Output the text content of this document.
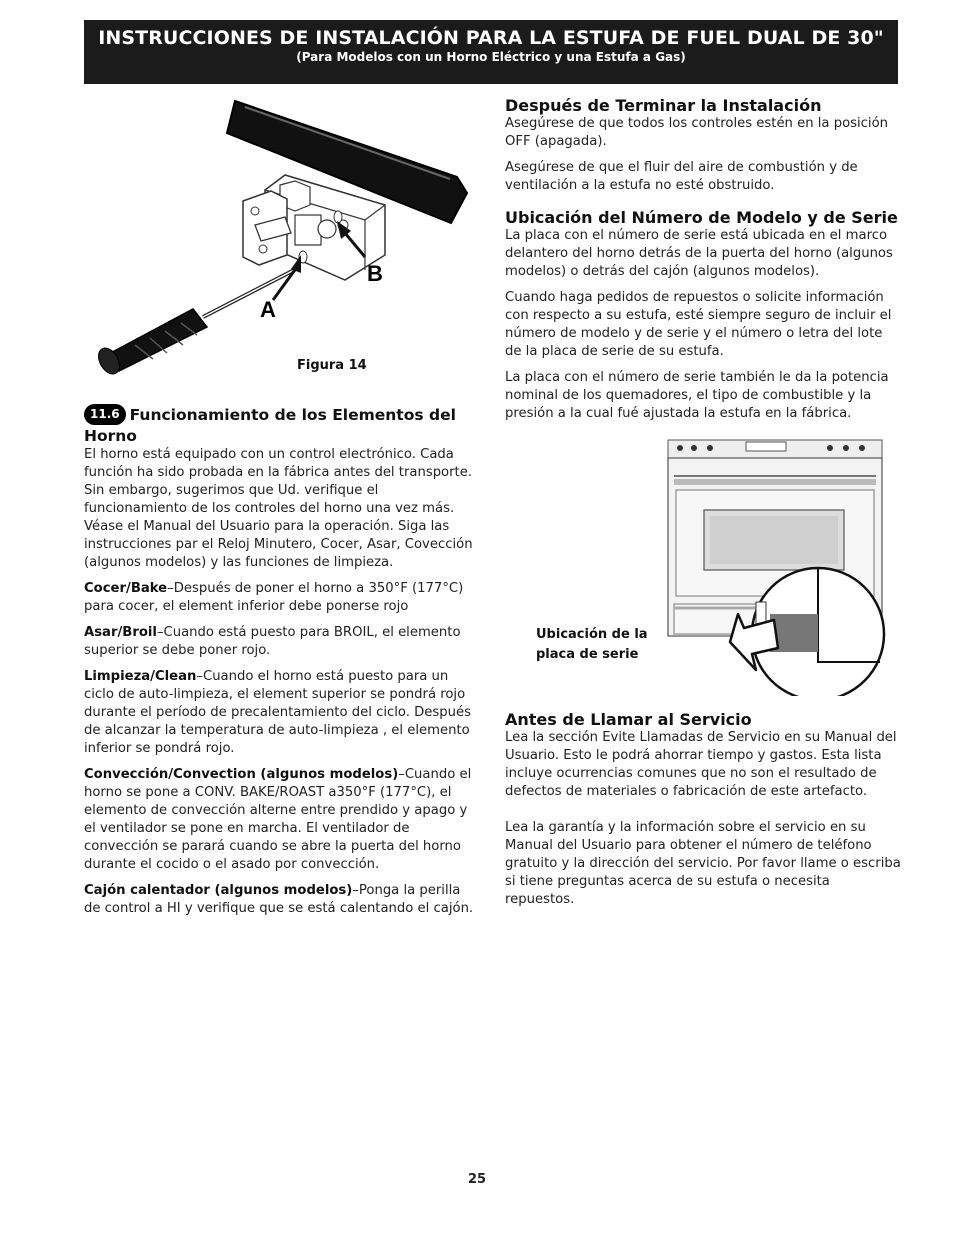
INSTRUCCIONES DE INSTALACIÓN PARA LA ESTUFA DE FUEL DUAL DE 30"
(Para Modelos con un Horno Eléctrico y una Estufa a Gas)
A
B
Figura 14
11.6 Funcionamiento de los Elementos del Horno

El horno está equipado con un control electrónico. Cada función ha sido probada en la fábrica antes del transporte. Sin embargo, sugerimos que Ud. verifique el funcionamiento de los controles del horno una vez más. Véase el Manual del Usuario para la operación. Siga las instrucciones par el Reloj Minutero, Cocer, Asar, Covección (algunos modelos) y las funciones de limpieza.

Cocer/Bake–Después de poner el horno a 350°F (177°C) para cocer, el element inferior debe ponerse rojo

Asar/Broil–Cuando está puesto para BROIL, el elemento superior se debe poner rojo.

Limpieza/Clean–Cuando el horno está puesto para un ciclo de auto-limpieza, el element superior se pondrá rojo durante el período de precalentamiento del ciclo. Después de alcanzar la temperatura de auto-limpieza , el elemento inferior se pondrá rojo.

Convección/Convection (algunos modelos)–Cuando el horno se pone a CONV. BAKE/ROAST a350°F (177°C), el elemento de convección alterne entre prendido y apago y el ventilador se pone en marcha. El ventilador de convección se parará cuando se abre la puerta del horno durante el cocido o el asado por convección.

Cajón calentador (algunos modelos)–Ponga la perilla de control a HI y verifique que se está calentando el cajón.

Después de Terminar la Instalación

Asegúrese de que todos los controles estén en la posición OFF (apagada).

Asegúrese de que el fluir del aire de combustión y de ventilación a la estufa no esté obstruido.

Ubicación del Número de Modelo y de Serie

La placa con el número de serie está ubicada en el marco delantero del horno detrás de la puerta del horno (algunos modelos) o detrás del cajón (algunos modelos).

Cuando haga pedidos de repuestos o solicite información con respecto a su estufa, esté siempre seguro de incluir el número de modelo y de serie y el número o letra del lote de la placa de serie de su estufa.

La placa con el número de serie también le da la potencia nominal de los quemadores, el tipo de combustible y la presión a la cual fué ajustada la estufa en la fábrica.

Ubicación de la
placa de serie
Antes de Llamar al Servicio

Lea la sección Evite Llamadas de Servicio en su Manual del Usuario. Esto le podrá ahorrar tiempo y gastos. Esta lista incluye ocurrencias comunes que no son el resultado de defectos de materiales o fabricación de este artefacto.

Lea la garantía y la información sobre el servicio en su Manual del Usuario para obtener el número de teléfono gratuito y la dirección del servicio. Por favor llame o escriba si tiene preguntas acerca de su estufa o necesita repuestos.

25
